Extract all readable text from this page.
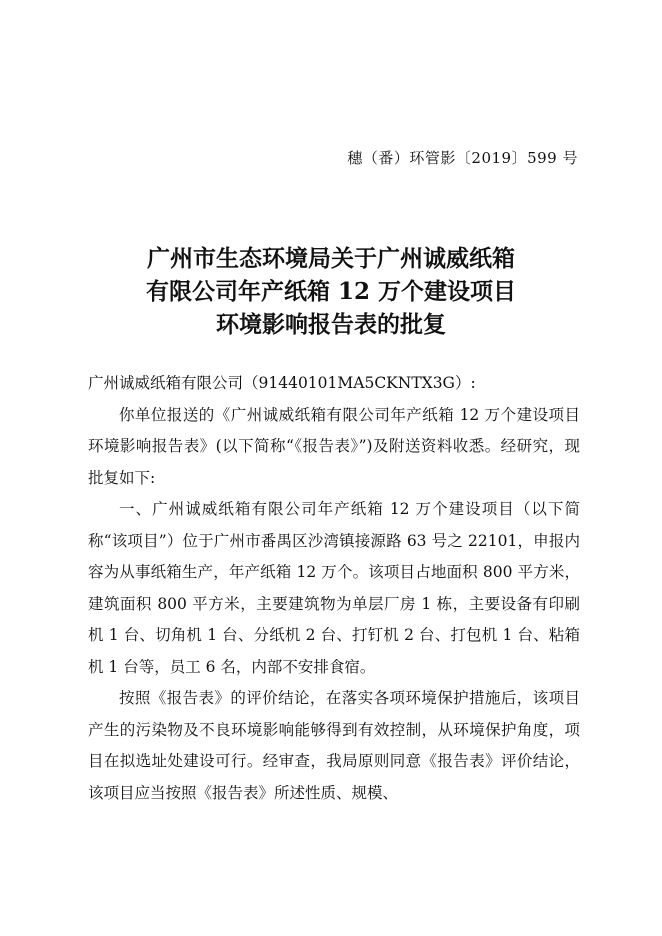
穗（番）环管影〔2019〕599 号
广州市生态环境局关于广州诚威纸箱
有限公司年产纸箱 12 万个建设项目
环境影响报告表的批复

广州诚威纸箱有限公司（91440101MA5CKNTX3G）:

你单位报送的《广州诚威纸箱有限公司年产纸箱 12 万个建设项目环境影响报告表》(以下简称“《报告表》”)及附送资料收悉。经研究，现批复如下:

一、广州诚威纸箱有限公司年产纸箱 12 万个建设项目（以下简称“该项目”）位于广州市番禺区沙湾镇接源路 63 号之 22101，申报内容为从事纸箱生产，年产纸箱 12 万个。该项目占地面积 800 平方米，建筑面积 800 平方米，主要建筑物为单层厂房 1 栋，主要设备有印刷机 1 台、切角机 1 台、分纸机 2 台、打钉机 2 台、打包机 1 台、粘箱机 1 台等，员工 6 名，内部不安排食宿。

按照《报告表》的评价结论，在落实各项环境保护措施后，该项目产生的污染物及不良环境影响能够得到有效控制，从环境保护角度，项目在拟选址处建设可行。经审查，我局原则同意《报告表》评价结论，该项目应当按照《报告表》所述性质、规模、
